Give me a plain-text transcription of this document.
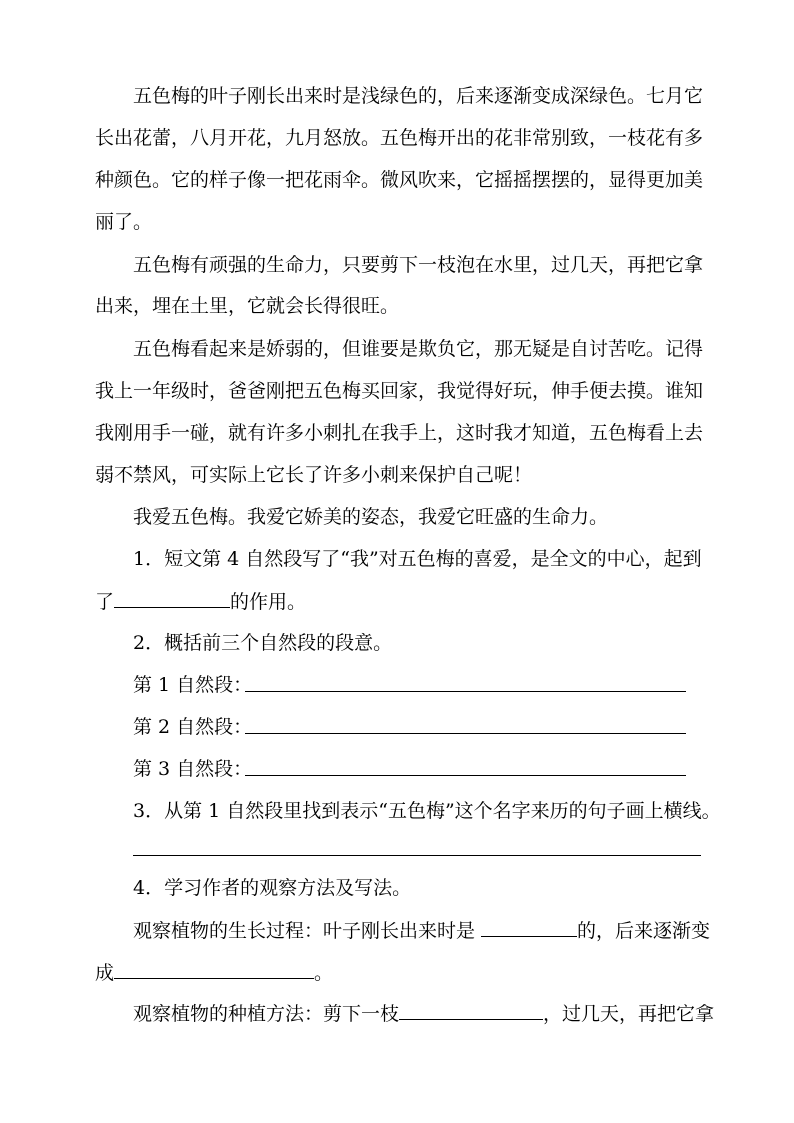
五色梅的叶子刚长出来时是浅绿色的，后来逐渐变成深绿色。七月它
长出花蕾，八月开花，九月怒放。五色梅开出的花非常别致，一枝花有多
种颜色。它的样子像一把花雨伞。微风吹来，它摇摇摆摆的，显得更加美
丽了。
五色梅有顽强的生命力，只要剪下一枝泡在水里，过几天，再把它拿
出来，埋在土里，它就会长得很旺。
五色梅看起来是娇弱的，但谁要是欺负它，那无疑是自讨苦吃。记得
我上一年级时，爸爸刚把五色梅买回家，我觉得好玩，伸手便去摸。谁知
我刚用手一碰，就有许多小刺扎在我手上，这时我才知道，五色梅看上去
弱不禁风，可实际上它长了许多小刺来保护自己呢！
我爱五色梅。我爱它娇美的姿态，我爱它旺盛的生命力。
1．短文第 4 自然段写了“我”对五色梅的喜爱，是全文的中心，起到
了	的作用。
2．概括前三个自然段的段意。
第 1 自然段：
第 2 自然段：
第 3 自然段：
3．从第 1 自然段里找到表示“五色梅”这个名字来历的句子画上横线。
4．学习作者的观察方法及写法。
观察植物的生长过程：叶子刚长出来时是	的，后来逐渐变
成	。
观察植物的种植方法：剪下一枝	，过几天，再把它拿
